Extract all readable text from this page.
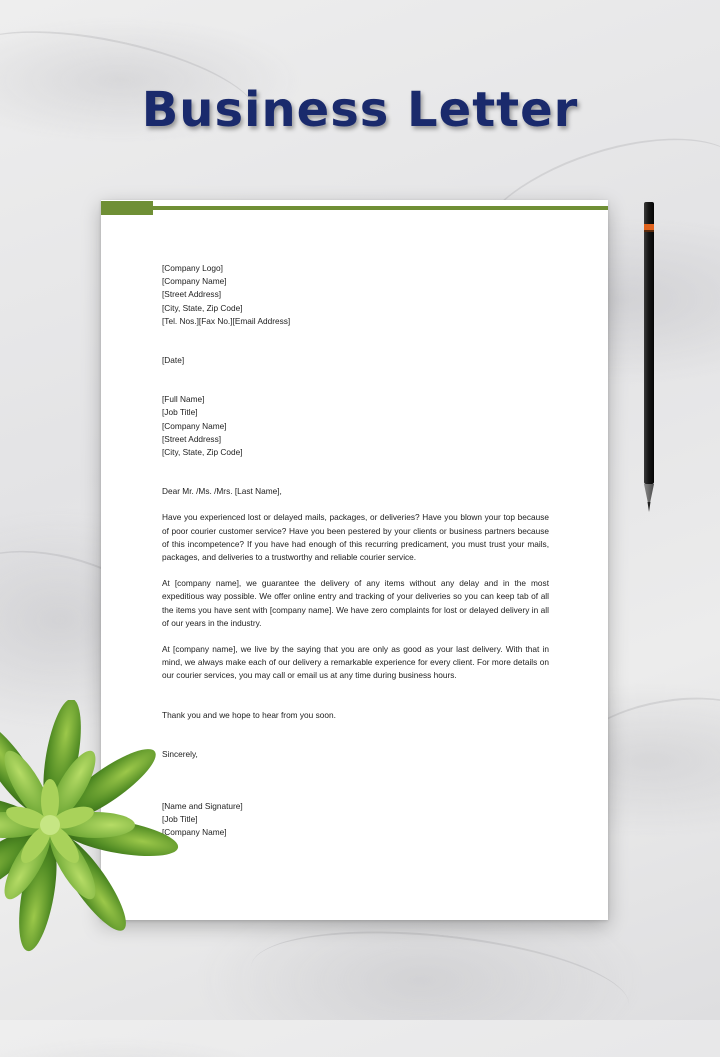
Business Letter
[Company Logo]
[Company Name]
[Street Address]
[City, State, Zip Code]
[Tel. Nos.][Fax No.][Email Address]
[Date]
[Full Name]
[Job Title]
[Company Name]
[Street Address]
[City, State, Zip Code]
Dear Mr. /Ms. /Mrs. [Last Name],

Have you experienced lost or delayed mails, packages, or deliveries? Have you blown your top because of poor courier customer service? Have you been pestered by your clients or business partners because of this incompetence? If you have had enough of this recurring predicament, you must trust your mails, packages, and deliveries to a trustworthy and reliable courier service.

At [company name], we guarantee the delivery of any items without any delay and in the most expeditious way possible. We offer online entry and tracking of your deliveries so you can keep tab of all the items you have sent with [company name]. We have zero complaints for lost or delayed delivery in all of our years in the industry.

At [company name], we live by the saying that you are only as good as your last delivery. With that in mind, we always make each of our delivery a remarkable experience for every client. For more details on our courier services, you may call or email us at any time during business hours.

Thank you and we hope to hear from you soon.
Sincerely,
[Name and Signature]
[Job Title]
[Company Name]
